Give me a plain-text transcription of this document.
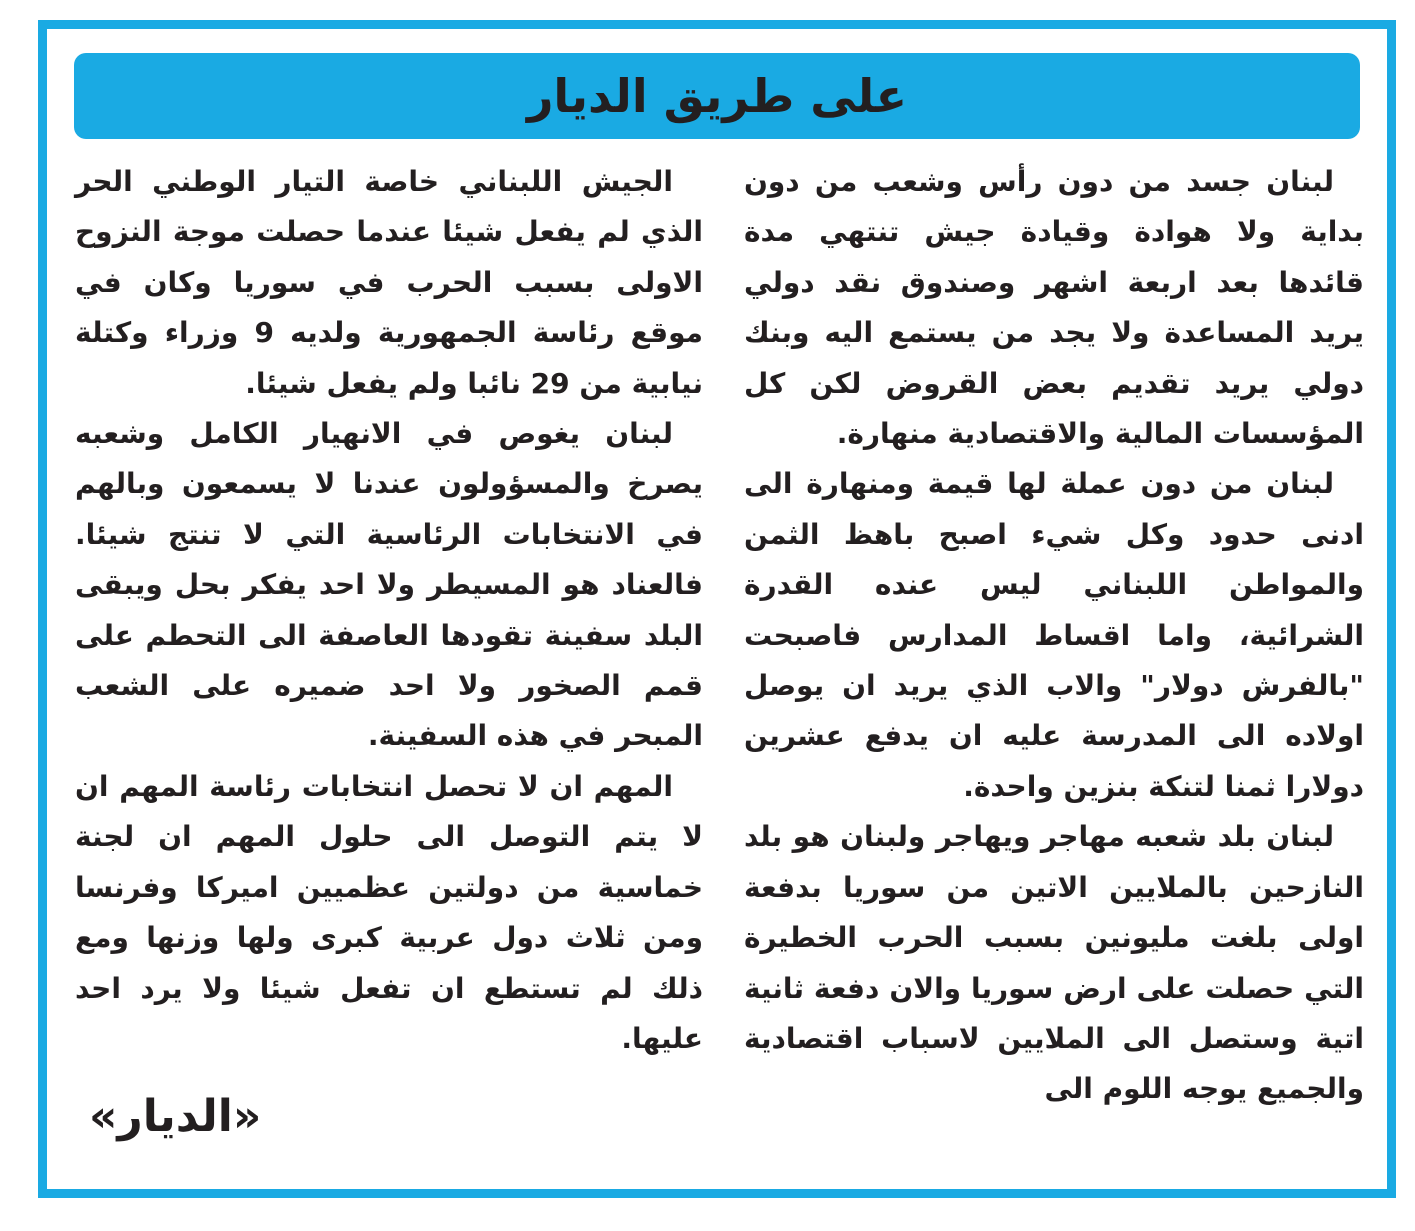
على طريق الديار

لبنان جسد من دون رأس وشعب من دون بداية ولا هوادة وقيادة جيش تنتهي مدة قائدها بعد اربعة اشهر وصندوق نقد دولي يريد المساعدة ولا يجد من يستمع اليه وبنك دولي يريد تقديم بعض القروض لكن كل المؤسسات المالية والاقتصادية منهارة.

لبنان من دون عملة لها قيمة ومنهارة الى ادنى حدود وكل شيء اصبح باهظ الثمن والمواطن اللبناني ليس عنده القدرة الشرائية، واما اقساط المدارس فاصبحت "بالفرش دولار" والاب الذي يريد ان يوصل اولاده الى المدرسة عليه ان يدفع عشرين دولارا ثمنا لتنكة بنزين واحدة.

لبنان بلد شعبه مهاجر ويهاجر ولبنان هو بلد النازحين بالملايين الاتين من سوريا بدفعة اولى بلغت مليونين بسبب الحرب الخطيرة التي حصلت على ارض سوريا والان دفعة ثانية اتية وستصل الى الملايين لاسباب اقتصادية والجميع يوجه اللوم الى

الجيش اللبناني خاصة التيار الوطني الحر الذي لم يفعل شيئا عندما حصلت موجة النزوح الاولى بسبب الحرب في سوريا وكان في موقع رئاسة الجمهورية ولديه 9 وزراء وكتلة نيابية من 29 نائبا ولم يفعل شيئا.

لبنان يغوص في الانهيار الكامل وشعبه يصرخ والمسؤولون عندنا لا يسمعون وبالهم في الانتخابات الرئاسية التي لا تنتج شيئا. فالعناد هو المسيطر ولا احد يفكر بحل ويبقى البلد سفينة تقودها العاصفة الى التحطم على قمم الصخور ولا احد ضميره على الشعب المبحر في هذه السفينة.

المهم ان لا تحصل انتخابات رئاسة المهم ان لا يتم التوصل الى حلول المهم ان لجنة خماسية من دولتين عظميين اميركا وفرنسا ومن ثلاث دول عربية كبرى ولها وزنها ومع ذلك لم تستطع ان تفعل شيئا ولا يرد احد عليها.

«الديار»
